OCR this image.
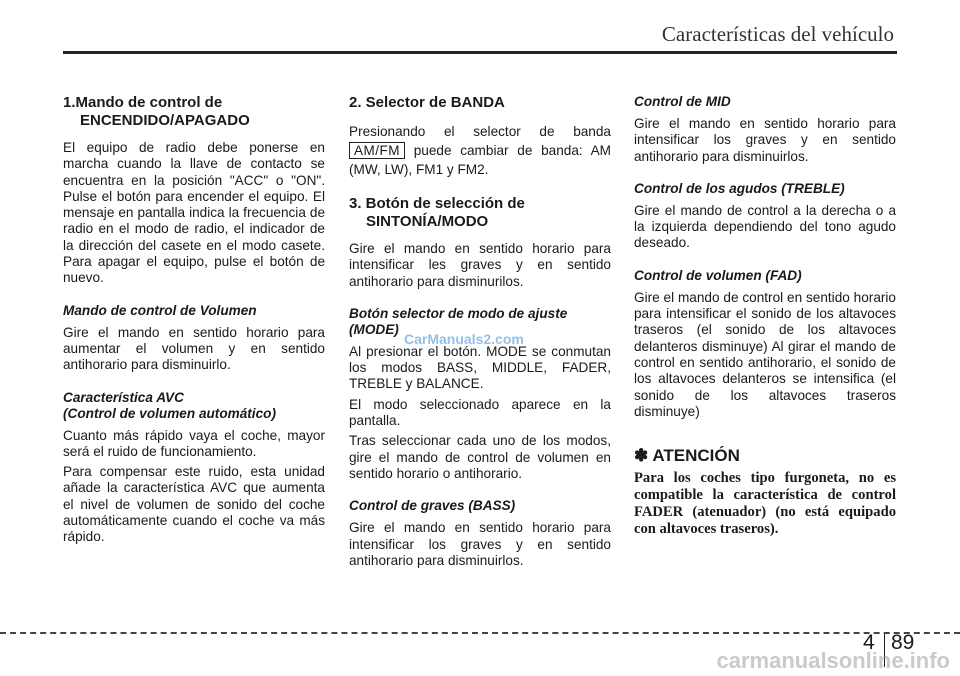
Características del vehículo
1.Mando de control de
ENCENDIDO/APAGADO

El equipo de radio debe ponerse en marcha cuando la llave de contacto se encuentra en la posición "ACC" o "ON". Pulse el botón para encender el equipo. El mensaje en pantalla indica la frecuencia de radio en el modo de radio, el indicador de la dirección del casete en el modo casete. Para apagar el equipo, pulse el botón de nuevo.

Mando de control de Volumen

Gire el mando en sentido horario para aumentar el volumen y en sentido antihorario para disminuirlo.

Característica AVC
(Control de volumen automático)

Cuanto más rápido vaya el coche, mayor será el ruido de funcionamiento.

Para compensar este ruido, esta unidad añade la característica AVC que aumenta el nivel de volumen de sonido del coche automáticamente cuando el coche va más rápido.

2. Selector de BANDA

Presionando el selector de banda AM/FM puede cambiar de banda: AM (MW, LW), FM1 y FM2.

3. Botón de selección de
SINTONÍA/MODO

Gire el mando en sentido horario para intensificar les graves y en sentido antihorario para disminurilos.

Botón selector de modo de ajuste
(MODE)

Al presionar el botón. MODE se conmutan los modos BASS, MIDDLE, FADER, TREBLE y BALANCE.

El modo seleccionado aparece en la pantalla.

Tras seleccionar cada uno de los modos, gire el mando de control de volumen en sentido horario o antihorario.

Control de graves (BASS)

Gire el mando en sentido horario para intensificar los graves y en sentido antihorario para disminuirlos.

Control de MID

Gire el mando en sentido horario para intensificar los graves y en sentido antihorario para disminuirlos.

Control de los agudos (TREBLE)

Gire el mando de control a la derecha o a la izquierda dependiendo del tono agudo deseado.

Control de volumen (FAD)

Gire el mando de control en sentido horario para intensificar el sonido de los altavoces traseros (el sonido de los altavoces delanteros disminuye) Al girar el mando de control en sentido antihorario, el sonido de los altavoces delanteros se intensifica (el sonido de los altavoces traseros disminuye)

✽ ATENCIÓN

Para los coches tipo furgoneta, no es compatible la característica de control FADER (atenuador) (no está equipado con altavoces traseros).

CarManuals2.com
4 89
carmanualsonline.info
